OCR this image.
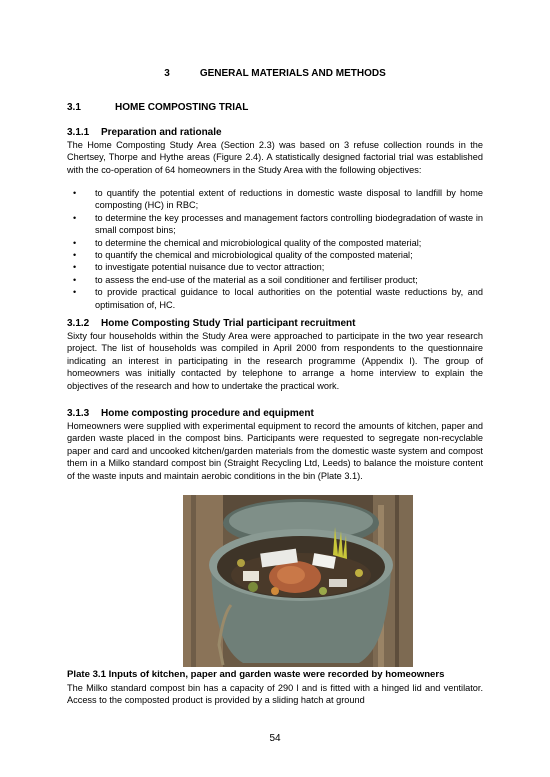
3	GENERAL MATERIALS AND METHODS
3.1	HOME COMPOSTING TRIAL
3.1.1 Preparation and rationale
The Home Composting Study Area (Section 2.3) was based on 3 refuse collection rounds in the Chertsey, Thorpe and Hythe areas (Figure 2.4). A statistically designed factorial trial was established with the co-operation of 64 homeowners in the Study Area with the following objectives:
• to quantify the potential extent of reductions in domestic waste disposal to landfill by home composting (HC) in RBC;
• to determine the key processes and management factors controlling biodegradation of waste in small compost bins;
• to determine the chemical and microbiological quality of the composted material;
• to quantify the chemical and microbiological quality of the composted material;
• to investigate potential nuisance due to vector attraction;
• to assess the end-use of the material as a soil conditioner and fertiliser product;
• to provide practical guidance to local authorities on the potential waste reductions by, and optimisation of, HC.
3.1.2 Home Composting Study Trial participant recruitment
Sixty four households within the Study Area were approached to participate in the two year research project. The list of households was compiled in April 2000 from respondents to the questionnaire indicating an interest in participating in the research programme (Appendix I). The group of homeowners was initially contacted by telephone to arrange a home interview to explain the objectives of the research and how to undertake the practical work.
3.1.3 Home composting procedure and equipment
Homeowners were supplied with experimental equipment to record the amounts of kitchen, paper and garden waste placed in the compost bins. Participants were requested to segregate non-recyclable paper and card and uncooked kitchen/garden materials from the domestic waste system and compost them in a Milko standard compost bin (Straight Recycling Ltd, Leeds) to balance the moisture content of the waste inputs and maintain aerobic conditions in the bin (Plate 3.1).
Plate 3.1 Inputs of kitchen, paper and garden waste were recorded by homeowners
The Milko standard compost bin has a capacity of 290 l and is fitted with a hinged lid and ventilator. Access to the composted product is provided by a sliding hatch at ground
54
